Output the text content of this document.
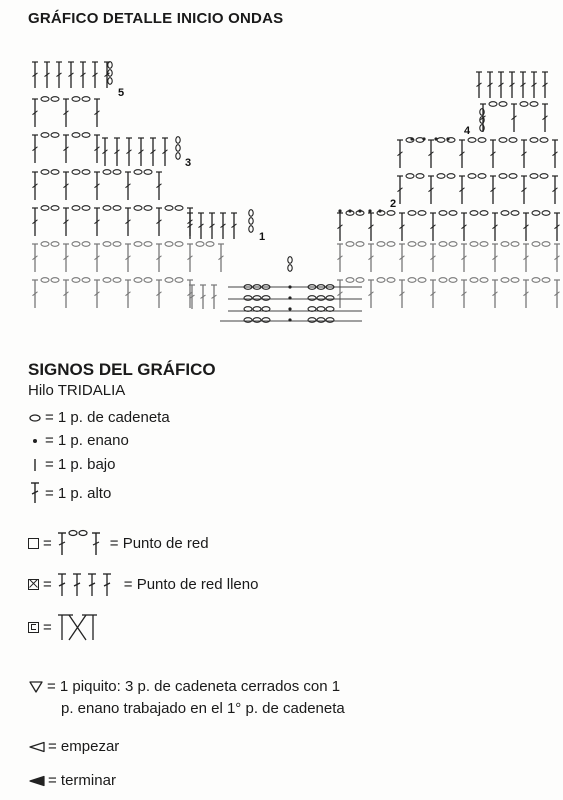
GRÁFICO DETALLE INICIO ONDAS
5
4
3
2
1
SIGNOS DEL GRÁFICO
Hilo TRIDALIA
= 1 p. de cadeneta
= 1 p. enano
= 1 p. bajo
= 1 p. alto
=	= Punto de red
=	= Punto de red lleno
=
= 1 piquito: 3 p. de cadeneta cerrados con 1
p. enano trabajado en el 1° p. de cadeneta
= empezar
= terminar
